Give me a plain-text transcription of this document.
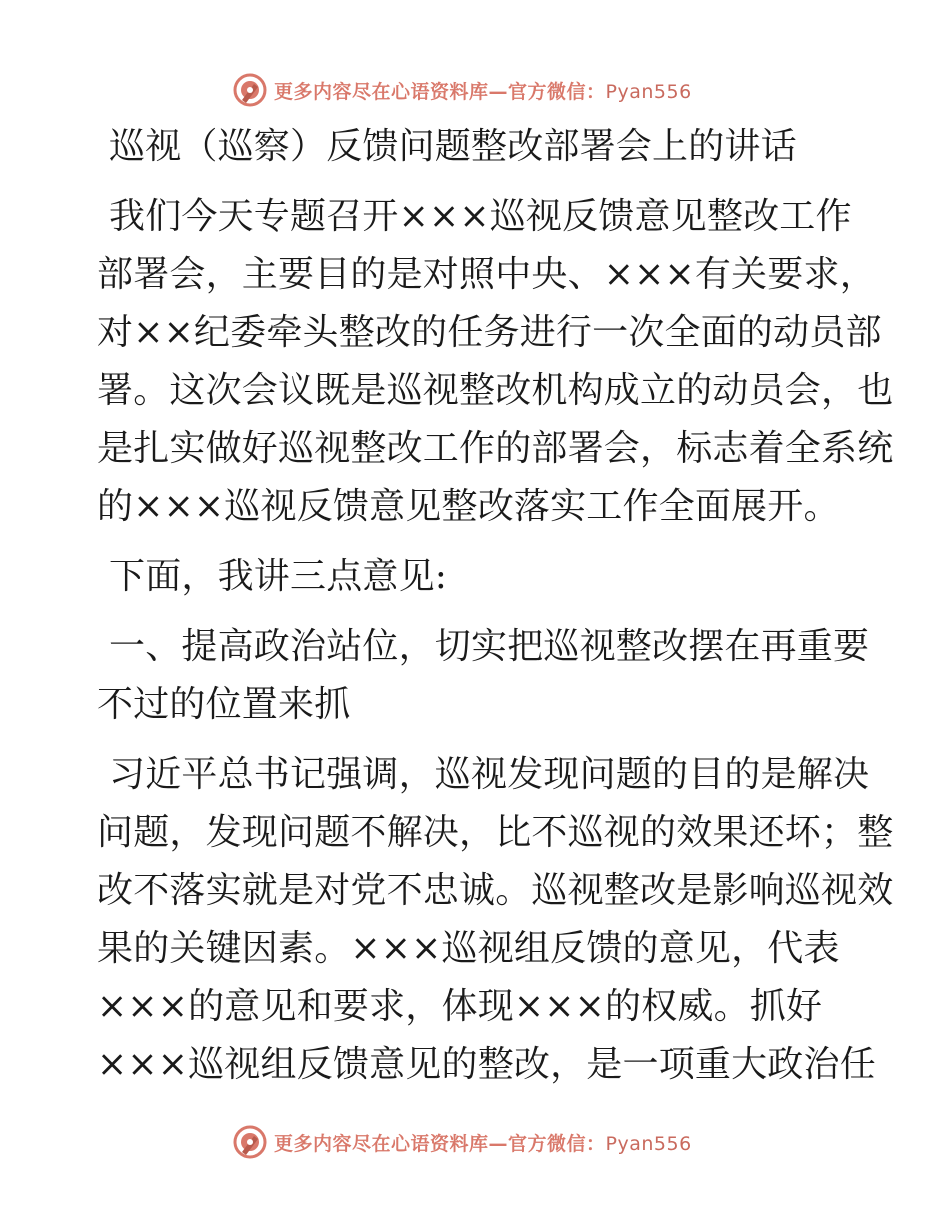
更多内容尽在心语资料库—官方微信：Pyan556
巡视（巡察）反馈问题整改部署会上的讲话
我们今天专题召开×××巡视反馈意见整改工作
部署会，主要目的是对照中央、×××有关要求，
对××纪委牵头整改的任务进行一次全面的动员部
署。这次会议既是巡视整改机构成立的动员会，也
是扎实做好巡视整改工作的部署会，标志着全系统
的×××巡视反馈意见整改落实工作全面展开。
下面，我讲三点意见:
一、提高政治站位，切实把巡视整改摆在再重要
不过的位置来抓
习近平总书记强调，巡视发现问题的目的是解决
问题，发现问题不解决，比不巡视的效果还坏；整
改不落实就是对党不忠诚。巡视整改是影响巡视效
果的关键因素。×××巡视组反馈的意见，代表
×××的意见和要求，体现×××的权威。抓好
×××巡视组反馈意见的整改，是一项重大政治任
更多内容尽在心语资料库—官方微信：Pyan556
